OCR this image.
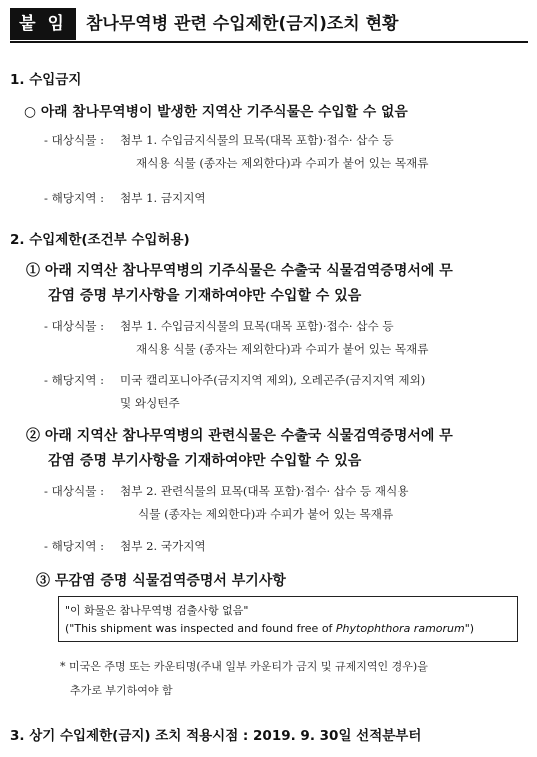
붙 임	참나무역병 관련 수입제한(금지)조치 현황
1. 수입금지
○ 아래 참나무역병이 발생한 지역산 기주식물은 수입할 수 없음
- 대상식물 : 첨부 1. 수입금지식물의 묘목(대목 포함)·접수· 삽수 등
재식용 식물 (종자는 제외한다)과 수피가 붙어 있는 목재류
- 해당지역 : 첨부 1. 금지지역
2. 수입제한(조건부 수입허용)
① 아래 지역산 참나무역병의 기주식물은 수출국 식물검역증명서에 무
감염 증명 부기사항을 기재하여야만 수입할 수 있음
- 대상식물 : 첨부 1. 수입금지식물의 묘목(대목 포함)·접수· 삽수 등
재식용 식물 (종자는 제외한다)과 수피가 붙어 있는 목재류
- 해당지역 : 미국 캘리포니아주(금지지역 제외), 오레곤주(금지지역 제외)
및 와싱턴주
② 아래 지역산 참나무역병의 관련식물은 수출국 식물검역증명서에 무
감염 증명 부기사항을 기재하여야만 수입할 수 있음
- 대상식물 : 첨부 2. 관련식물의 묘목(대목 포함)·접수· 삽수 등 재식용
식물 (종자는 제외한다)과 수피가 붙어 있는 목재류
- 해당지역 : 첨부 2. 국가지역
③ 무감염 증명 식물검역증명서 부기사항
"이 화물은 참나무역병 검출사항 없음"
("This shipment was inspected and found free of Phytophthora ramorum")
* 미국은 주명 또는 카운티명(주내 일부 카운티가 금지 및 규제지역인 경우)을
추가로 부기하여야 함
3. 상기 수입제한(금지) 조치 적용시점 : 2019. 9. 30일 선적분부터
